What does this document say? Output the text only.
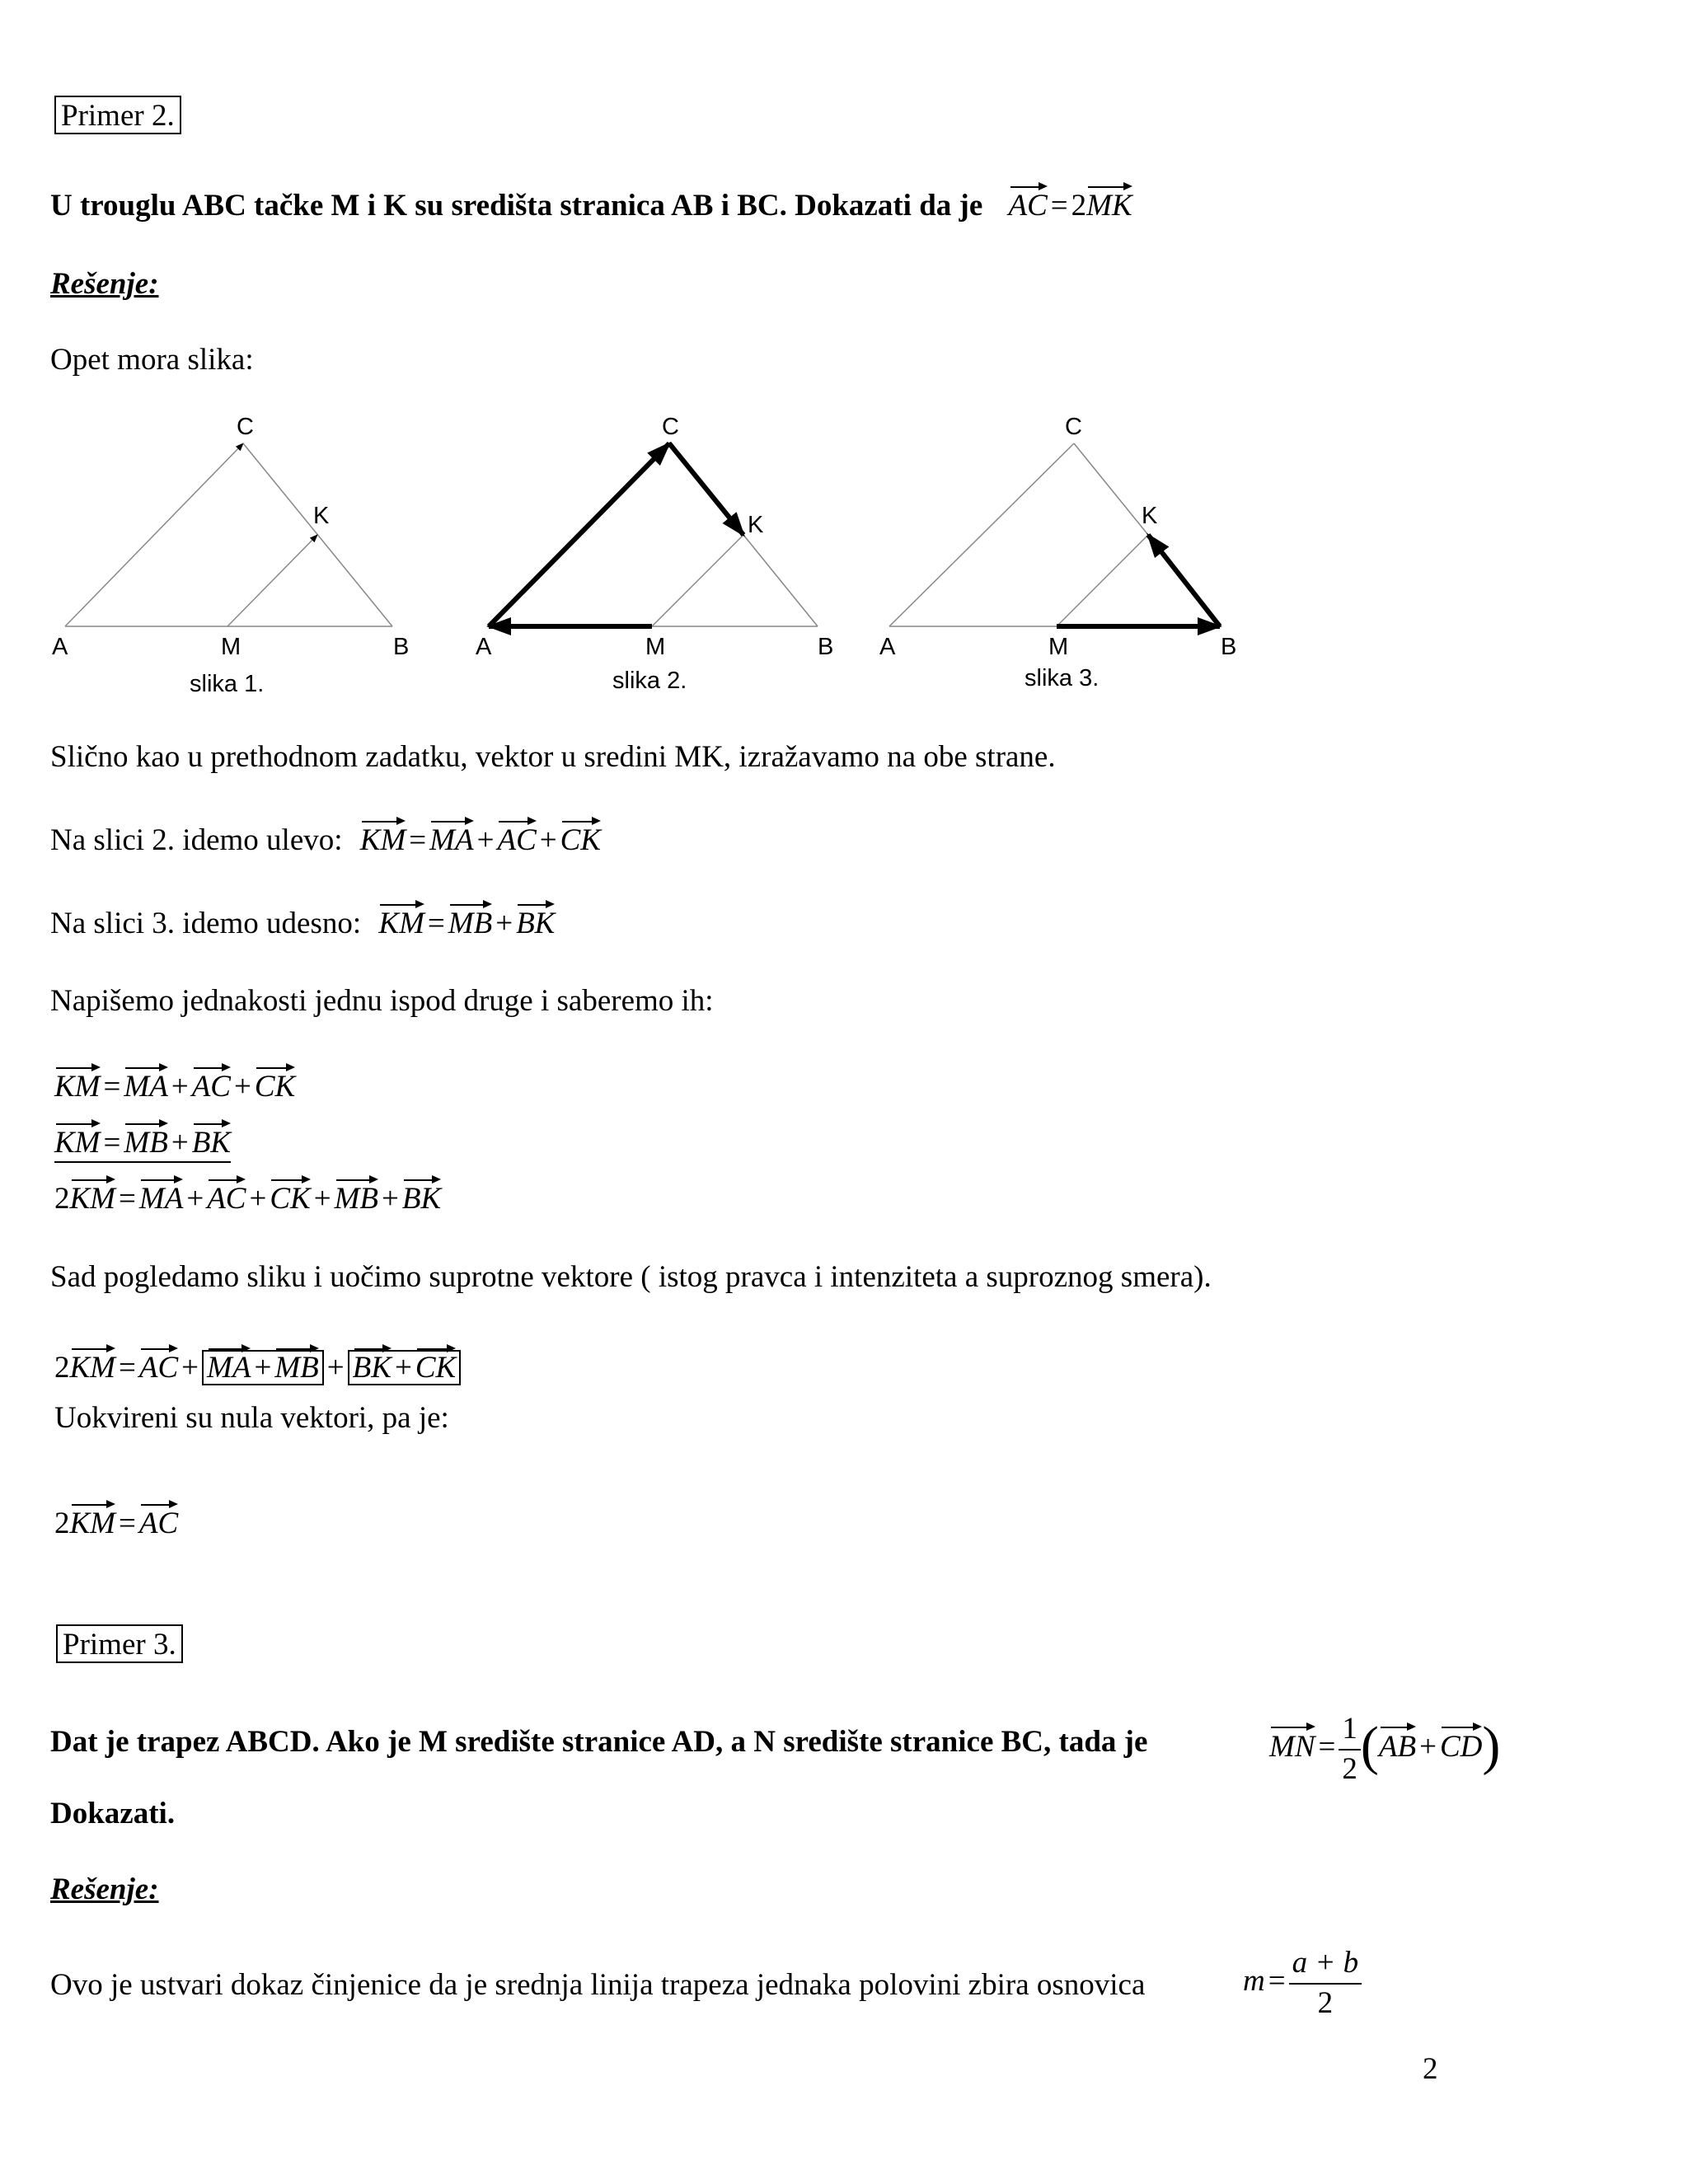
Primer 2.
U trouglu ABC tačke M i K su središta stranica AB i BC. Dokazati da je AC = 2MK
Rešenje:
Opet mora slika:
A	M	B
C
K
slika 1.
A	M	B
C
K
slika 2.
A	M	B
C
K
slika 3.
Slično kao u prethodnom zadatku, vektor u sredini MK, izražavamo na obe strane.
Na slici 2. idemo ulevo: KM = MA + AC + CK
Na slici 3. idemo udesno: KM = MB + BK
Napišemo jednakosti jednu ispod druge i saberemo ih:
KM = MA + AC + CK
KM = MB + BK
2KM = MA + AC + CK + MB + BK
Sad pogledamo sliku i uočimo suprotne vektore ( istog pravca i intenziteta a suproznog smera).
2KM = AC + MA + MB + BK + CK
Uokvireni su nula vektori, pa je:
2KM = AC
Primer 3.
Dat je trapez ABCD. Ako je M središte stranice AD, a N središte stranice BC, tada je	MN = $\frac{1}{2} (AB + CD)$
Dokazati.
Rešenje:
Ovo je ustvari dokaz činjenice da je srednja linija trapeza jednaka polovini zbira osnovica	$m = \frac{a + b}{2}$
2
